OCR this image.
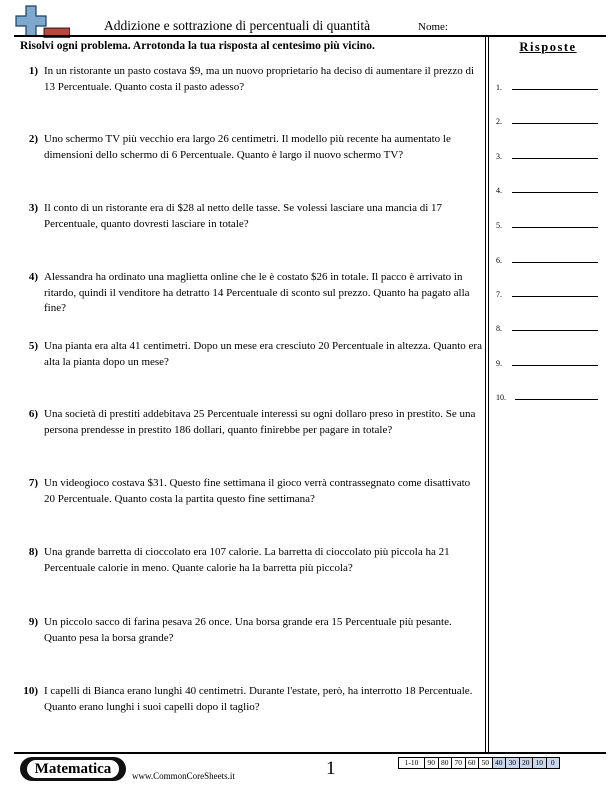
Addizione e sottrazione di percentuali di quantità	Nome:
Risolvi ogni problema. Arrotonda la tua risposta al centesimo più vicino.	Risposte
1) In un ristorante un pasto costava $9, ma un nuovo proprietario ha deciso di aumentare il prezzo di 13 Percentuale. Quanto costa il pasto adesso?
2) Uno schermo TV più vecchio era largo 26 centimetri. Il modello più recente ha aumentato le dimensioni dello schermo di 6 Percentuale. Quanto è largo il nuovo schermo TV?
3) Il conto di un ristorante era di $28 al netto delle tasse. Se volessi lasciare una mancia di 17 Percentuale, quanto dovresti lasciare in totale?
4) Alessandra ha ordinato una maglietta online che le è costato $26 in totale. Il pacco è arrivato in ritardo, quindi il venditore ha detratto 14 Percentuale di sconto sul prezzo. Quanto ha pagato alla fine?
5) Una pianta era alta 41 centimetri. Dopo un mese era cresciuto 20 Percentuale in altezza. Quanto era alta la pianta dopo un mese?
6) Una società di prestiti addebitava 25 Percentuale interessi su ogni dollaro preso in prestito. Se una persona prendesse in prestito 186 dollari, quanto finirebbe per pagare in totale?
7) Un videogioco costava $31. Questo fine settimana il gioco verrà contrassegnato come disattivato 20 Percentuale. Quanto costa la partita questo fine settimana?
8) Una grande barretta di cioccolato era 107 calorie. La barretta di cioccolato più piccola ha 21 Percentuale calorie in meno. Quante calorie ha la barretta più piccola?
9) Un piccolo sacco di farina pesava 26 once. Una borsa grande era 15 Percentuale più pesante. Quanto pesa la borsa grande?
10) I capelli di Bianca erano lunghi 40 centimetri. Durante l'estate, però, ha interrotto 18 Percentuale. Quanto erano lunghi i suoi capelli dopo il taglio?
1.
2.
3.
4.
5.
6.
7.
8.
9.
10.
Matematica	www.CommonCoreSheets.it	1	1-10	90 80 70 60 50 40 30 20 10	0
